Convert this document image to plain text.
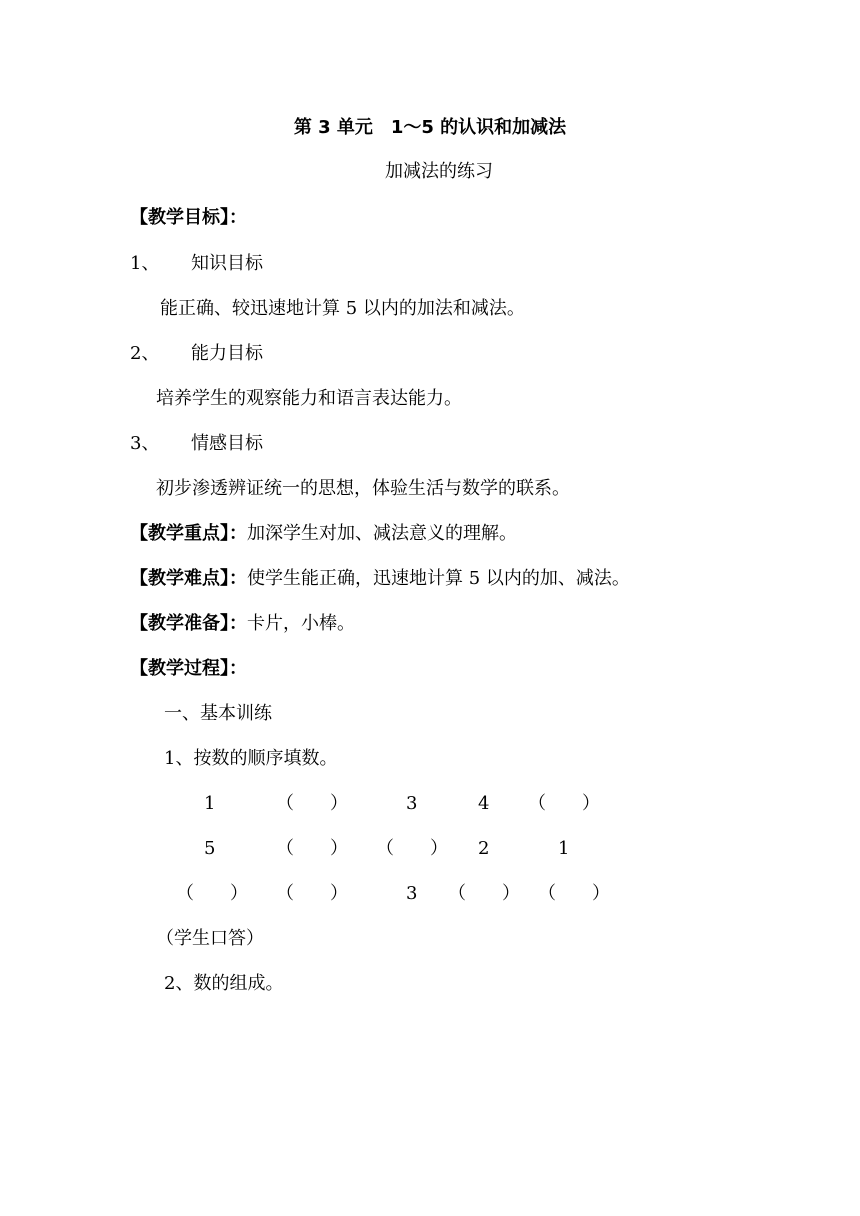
第 3 单元　1～5 的认识和加减法
加减法的练习
【教学目标】：
1、 知识目标
能正确、较迅速地计算 5 以内的加法和减法。
2、 能力目标
培养学生的观察能力和语言表达能力。
3、 情感目标
初步渗透辨证统一的思想，体验生活与数学的联系。
【教学重点】：加深学生对加、减法意义的理解。
【教学难点】：使学生能正确，迅速地计算 5 以内的加、减法。
【教学准备】：卡片，小棒。
【教学过程】：
一、基本训练
1、按数的顺序填数。
1	（　　）	3	4 （　　）
5	（　　） （　　） 2	1
（　　） （　　）	3 （　　） （　　）
（学生口答）
2、数的组成。
